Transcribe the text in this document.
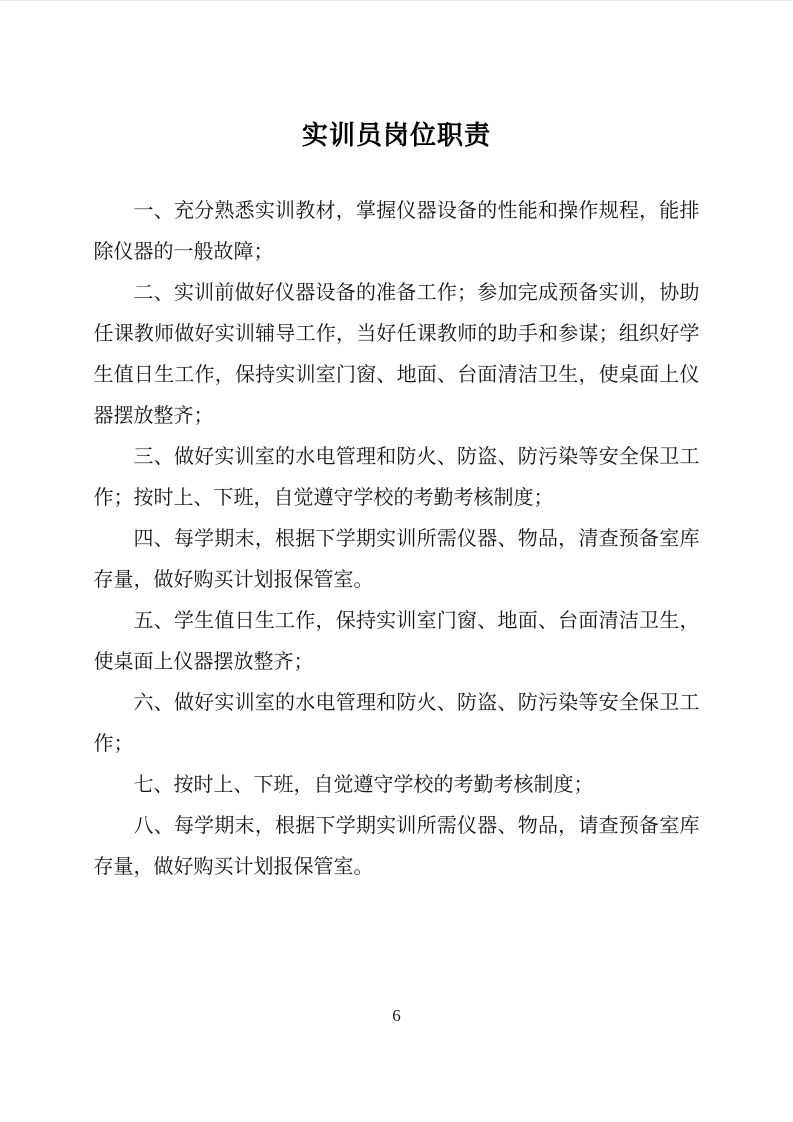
实训员岗位职责

一、充分熟悉实训教材，掌握仪器设备的性能和操作规程，能排除仪器的一般故障；

二、实训前做好仪器设备的准备工作；参加完成预备实训，协助任课教师做好实训辅导工作，当好任课教师的助手和参谋；组织好学生值日生工作，保持实训室门窗、地面、台面清洁卫生，使桌面上仪器摆放整齐；

三、做好实训室的水电管理和防火、防盗、防污染等安全保卫工作；按时上、下班，自觉遵守学校的考勤考核制度；

四、每学期末，根据下学期实训所需仪器、物品，清查预备室库存量，做好购买计划报保管室。

五、学生值日生工作，保持实训室门窗、地面、台面清洁卫生，使桌面上仪器摆放整齐；

六、做好实训室的水电管理和防火、防盗、防污染等安全保卫工作；

七、按时上、下班，自觉遵守学校的考勤考核制度；

八、每学期末，根据下学期实训所需仪器、物品，请查预备室库存量，做好购买计划报保管室。

6
